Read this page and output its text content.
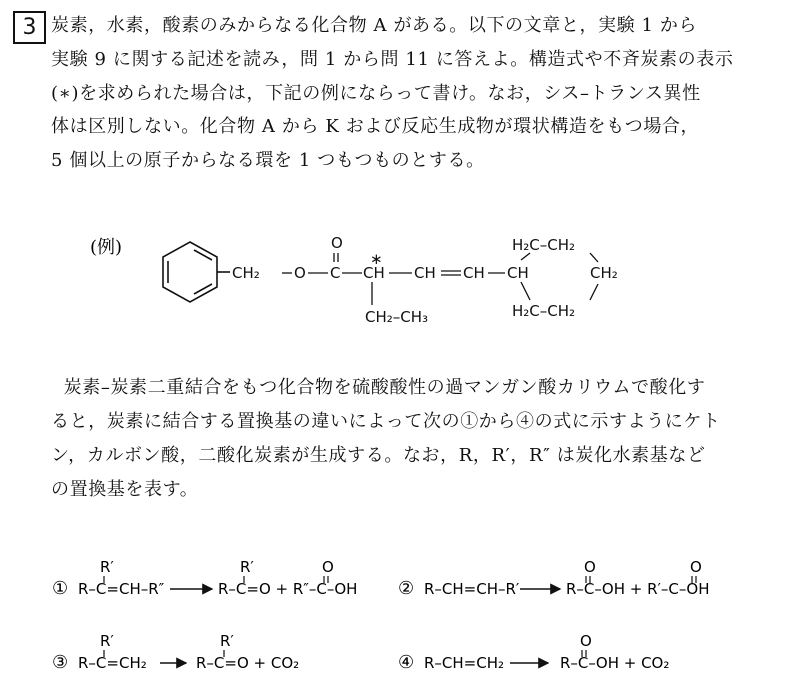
3 炭素，水素，酸素のみからなる化合物 A がある。以下の文章と，実験 1 から
実験 9 に関する記述を読み，問 1 から問 11 に答えよ。構造式や不斉炭素の表示
(∗)を求められた場合は，下記の例にならって書け。なお，シス–トランス異性
体は区別しない。化合物 A から K および反応生成物が環状構造をもつ場合，
5 個以上の原子からなる環を 1 つもつものとする。
(例)
CH₂ O C CH
∗
O
CH₂–CH₃
CH
H₂C–CH₂
CH₂
H₂C–CH₂
CH CH
炭素–炭素二重結合をもつ化合物を硫酸酸性の過マンガン酸カリウムで酸化す
ると，炭素に結合する置換基の違いによって次の①から④の式に示すようにケト
ン，カルボン酸，二酸化炭素が生成する。なお，R，R′，R″ は炭化水素基など
の置換基を表す。
①
R′
R–C=CH–R″
R′	O
R–C=O + R″–C–OH ② R–CH=CH–R′
O	O
R–C–OH + R′–C–OH
③
R′
R–C=CH₂
R′
R–C=O + CO₂	④ R–CH=CH₂
O
R–C–OH + CO₂
